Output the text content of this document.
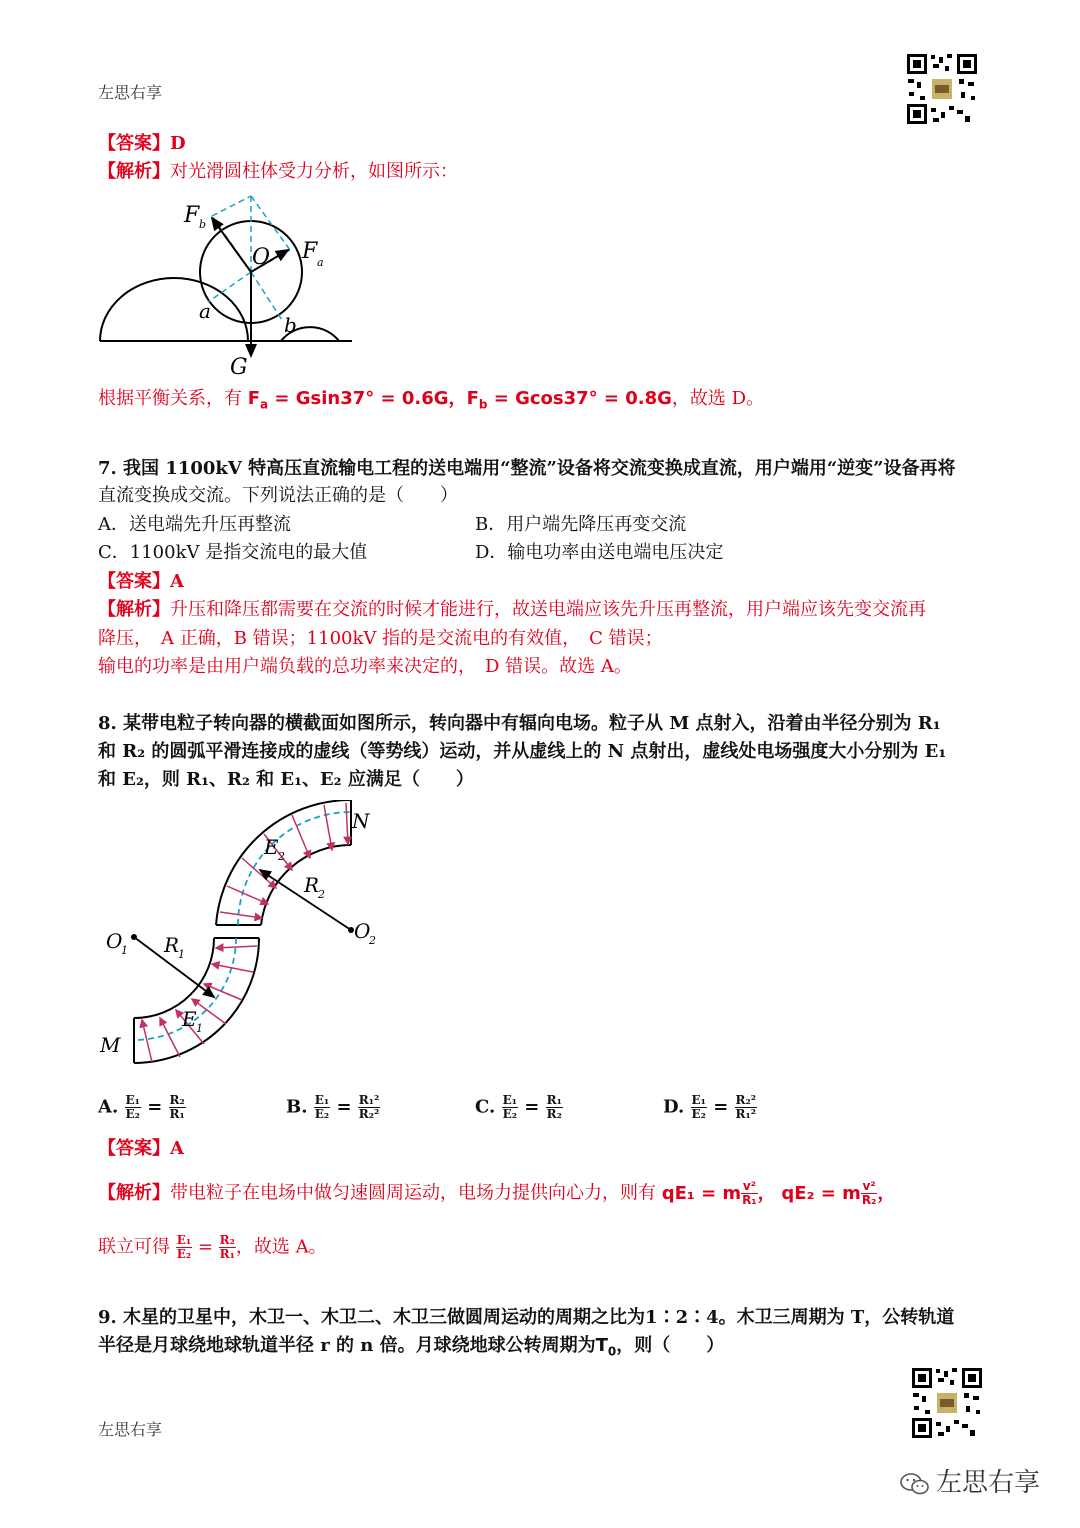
左思右享
【答案】D
【解析】对光滑圆柱体受力分析，如图所示：
F b
O F a
a
b
G
根据平衡关系，有 $F_a = Gsin37^\circ = 0.6G$，$F_b = Gcos37^\circ = 0.8G$，故选 D。
7. 我国 1100kV 特高压直流输电工程的送电端用“整流”设备将交流变换成直流，用户端用“逆变”设备再将
直流变换成交流。下列说法正确的是（　　）
A．送电端先升压再整流	B．用户端先降压再变交流
C．1100kV 是指交流电的最大值	D．输电功率由送电端电压决定
【答案】A
【解析】升压和降压都需要在交流的时候才能进行，故送电端应该先升压再整流，用户端应该先变交流再
降压，　A 正确，B 错误；1100kV 指的是交流电的有效值，　C 错误；
输电的功率是由用户端负载的总功率来决定的，　D 错误。故选 A。
8. 某带电粒子转向器的横截面如图所示，转向器中有辐向电场。粒子从 M 点射入，沿着由半径分别为 R₁
和 R₂ 的圆弧平滑连接成的虚线（等势线）运动，并从虚线上的 N 点射出，虚线处电场强度大小分别为 E₁
和 E₂，则 R₁、R₂ 和 E₁、E₂ 应满足（　　）
N
E 2
R
2
O
2
O
1 R
1
E 1
M
A. $\frac{\text{E₁}}{\text{E₂}} = \frac{\text{R₂}}{\text{R₁}}$	B. $\frac{\text{E₁}}{\text{E₂}} = \frac{\text{R₁²}}{\text{R₂²}}$	C. $\frac{\text{E₁}}{\text{E₂}} = \frac{\text{R₁}}{\text{R₂}}$	D. $\frac{\text{E₁}}{\text{E₂}} = \frac{\text{R₂²}}{\text{R₁²}}$
【答案】A
【解析】带电粒子在电场中做匀速圆周运动，电场力提供向心力，则有 qE₁ = m $\frac{\text{v²}}{\text{R₁}}$ ， qE₂ = m $\frac{\text{v²}}{\text{R₂}}$ ，
联立可得 $\frac{\text{E₁}}{\text{E₂}} = \frac{\text{R₂}}{\text{R₁}}$ ，故选 A。
9. 木星的卫星中，木卫一、木卫二、木卫三做圆周运动的周期之比为1∶2∶4。木卫三周期为 T，公转轨道
半径是月球绕地球轨道半径 r 的 n 倍。月球绕地球公转周期为$T_0$，则（　　）
左思右享
左思右享
